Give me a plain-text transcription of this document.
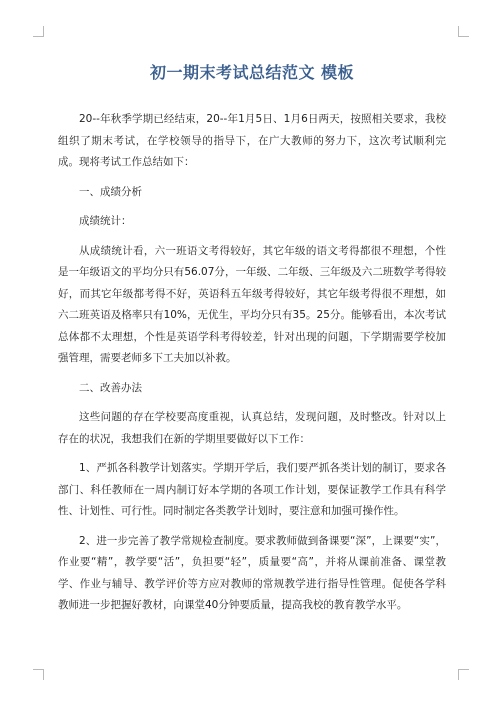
初一期末考试总结范文 模板

20--年秋季学期已经结束，20--年1月5日、1月6日两天，按照相关要求，我校组织了期末考试，在学校领导的指导下，在广大教师的努力下，这次考试顺利完成。现将考试工作总结如下：

一、成绩分析

成绩统计：

从成绩统计看，六一班语文考得较好，其它年级的语文考得都很不理想，个性是一年级语文的平均分只有56.07分，一年级、二年级、三年级及六二班数学考得较好，而其它年级都考得不好，英语科五年级考得较好，其它年级考得很不理想，如六二班英语及格率只有10%，无优生，平均分只有35。25分。能够看出，本次考试总体都不太理想，个性是英语学科考得较差，针对出现的问题，下学期需要学校加强管理，需要老师多下工夫加以补救。

二、改善办法

这些问题的存在学校要高度重视，认真总结，发现问题，及时整改。针对以上存在的状况，我想我们在新的学期里要做好以下工作：

1、严抓各科教学计划落实。学期开学后，我们要严抓各类计划的制订，要求各部门、科任教师在一周内制订好本学期的各项工作计划，要保证教学工作具有科学性、计划性、可行性。同时制定各类教学计划时，要注意和加强可操作性。

2、进一步完善了教学常规检查制度。要求教师做到备课要“深”，上课要“实”，作业要“精”，教学要“活”，负担要“轻”，质量要“高”，并将从课前准备、课堂教学、作业与辅导、教学评价等方应对教师的常规教学进行指导性管理。促使各学科教师进一步把握好教材，向课堂40分钟要质量，提高我校的教育教学水平。
